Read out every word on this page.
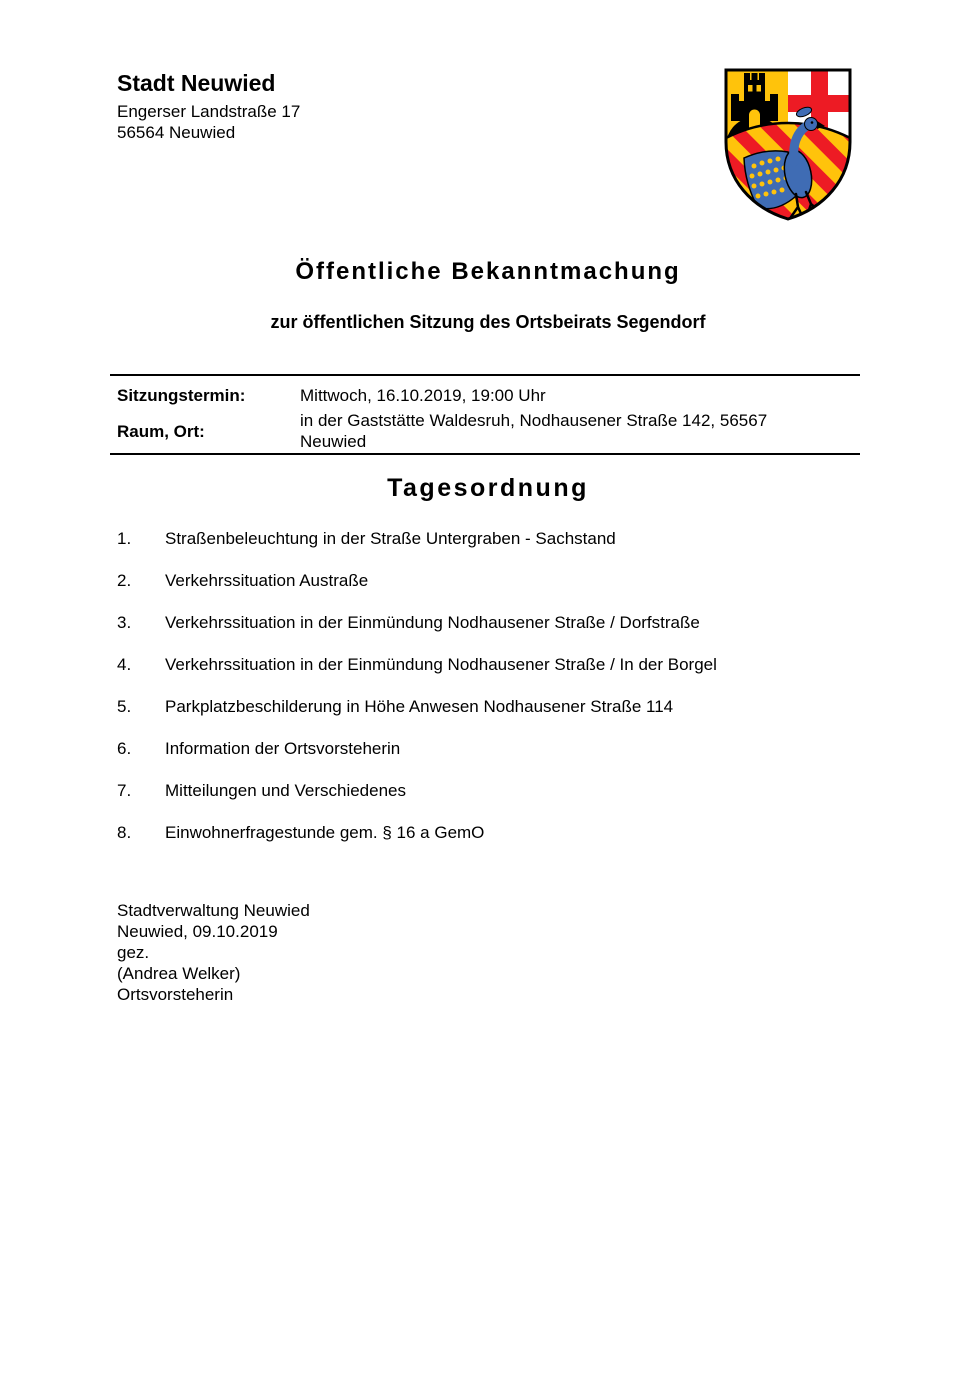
Stadt Neuwied
Engerser Landstraße 17
56564 Neuwied
Öffentliche Bekanntmachung
zur öffentlichen Sitzung des Ortsbeirats Segendorf
Sitzungstermin:	Mittwoch, 16.10.2019, 19:00 Uhr
Raum, Ort:
in der Gaststätte Waldesruh, Nodhausener Straße 142, 56567
Neuwied
Tagesordnung
1.	Straßenbeleuchtung in der Straße Untergraben - Sachstand
2.	Verkehrssituation Austraße
3.	Verkehrssituation in der Einmündung Nodhausener Straße / Dorfstraße
4.	Verkehrssituation in der Einmündung Nodhausener Straße / In der Borgel
5.	Parkplatzbeschilderung in Höhe Anwesen Nodhausener Straße 114
6.	Information der Ortsvorsteherin
7.	Mitteilungen und Verschiedenes
8.	Einwohnerfragestunde gem. § 16 a GemO
Stadtverwaltung Neuwied
Neuwied, 09.10.2019
gez.
(Andrea Welker)
Ortsvorsteherin
